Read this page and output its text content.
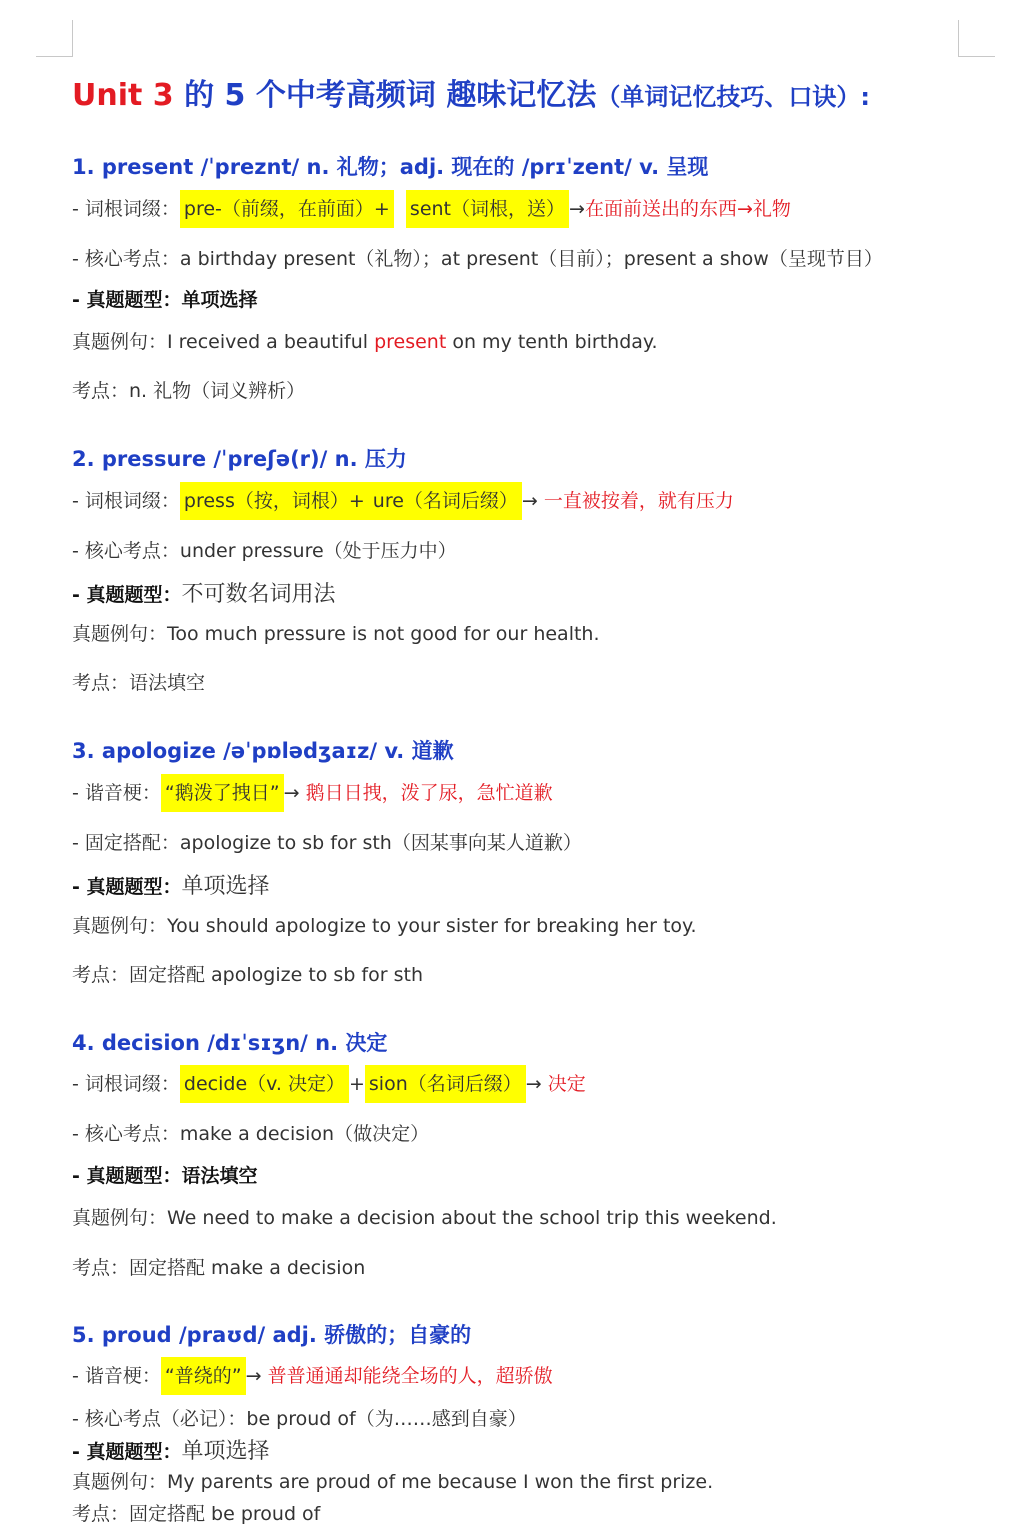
Unit 3 的 5 个中考高频词 趣味记忆法（单词记忆技巧、口诀）:
1. present /ˈpreznt/ n. 礼物；adj. 现在的 /prɪˈzent/ v. 呈现
- 词根词缀： pre-（前缀，在前面）+ sent（词根，送） →在面前送出的东西→礼物
- 核心考点：a birthday present（礼物）；at present（目前）；present a show（呈现节目）
- 真题题型：单项选择
真题例句：I received a beautiful present on my tenth birthday.
考点：n. 礼物（词义辨析）
2. pressure /ˈpreʃə(r)/ n. 压力
- 词根词缀： press（按，词根）+ ure（名词后缀） → 一直被按着，就有压力
- 核心考点：under pressure（处于压力中）
- 真题题型：不可数名词用法
真题例句：Too much pressure is not good for our health.
考点：语法填空
3. apologize /əˈpɒlədʒaɪz/ v. 道歉
- 谐音梗： “鹅泼了拽日” → 鹅日日拽，泼了尿，急忙道歉
- 固定搭配：apologize to sb for sth（因某事向某人道歉）
- 真题题型：单项选择
真题例句：You should apologize to your sister for breaking her toy.
考点：固定搭配 apologize to sb for sth
4. decision /dɪˈsɪʒn/ n. 决定
- 词根词缀： decide（v. 决定） + sion（名词后缀） → 决定
- 核心考点：make a decision（做决定）
- 真题题型：语法填空
真题例句：We need to make a decision about the school trip this weekend.
考点：固定搭配 make a decision
5. proud /praʊd/ adj. 骄傲的；自豪的
- 谐音梗： “普绕的” → 普普通通却能绕全场的人，超骄傲
- 核心考点（必记）：be proud of（为……感到自豪）
- 真题题型：单项选择
真题例句：My parents are proud of me because I won the first prize.
考点：固定搭配 be proud of
